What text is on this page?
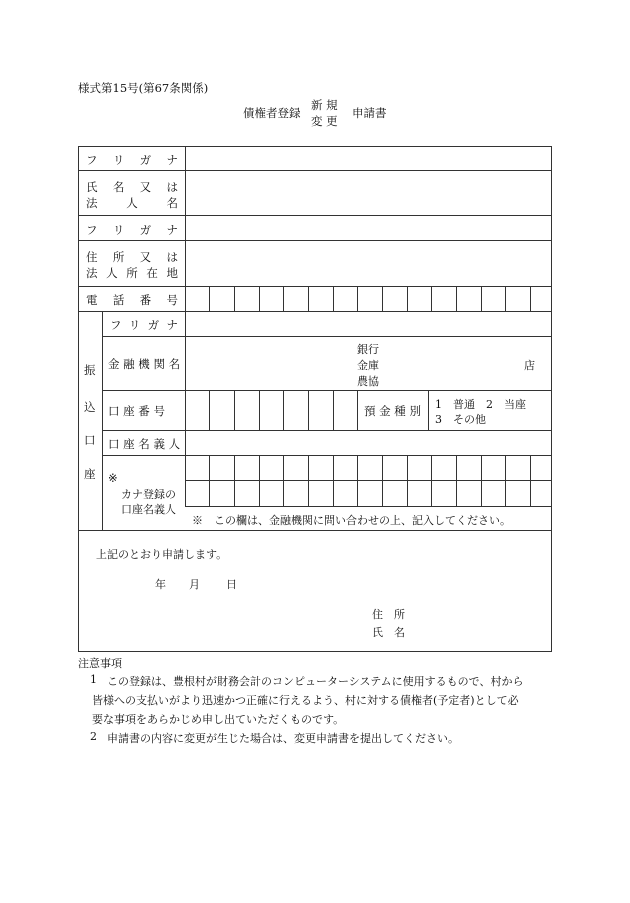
様式第15号(第67条関係)
債権者登録
新 規
変 更
申請書
フ リ ガ ナ
氏 名 又 は
法	人	名
フ リ ガ ナ
住 所 又 は
法 人 所 在 地
電 話 番 号
振
込
口
座
フ リ ガ ナ
金 融 機 関 名
銀行
金庫
農協
店
口 座 番 号	預 金 種 別 1　普通　2　当座
3　その他
口 座 名 義 人
※
カナ登録の
口座名義人
※　この欄は、金融機関に問い合わせの上、記入してください。
上記のとおり申請します。
年 月 日
住　所
氏　名
注意事項
1 この登録は、豊根村が財務会計のコンピューターシステムに使用するもので、村から
皆様への支払いがより迅速かつ正確に行えるよう、村に対する債権者(予定者)として必
要な事項をあらかじめ申し出ていただくものです。
2 申請書の内容に変更が生じた場合は、変更申請書を提出してください。
